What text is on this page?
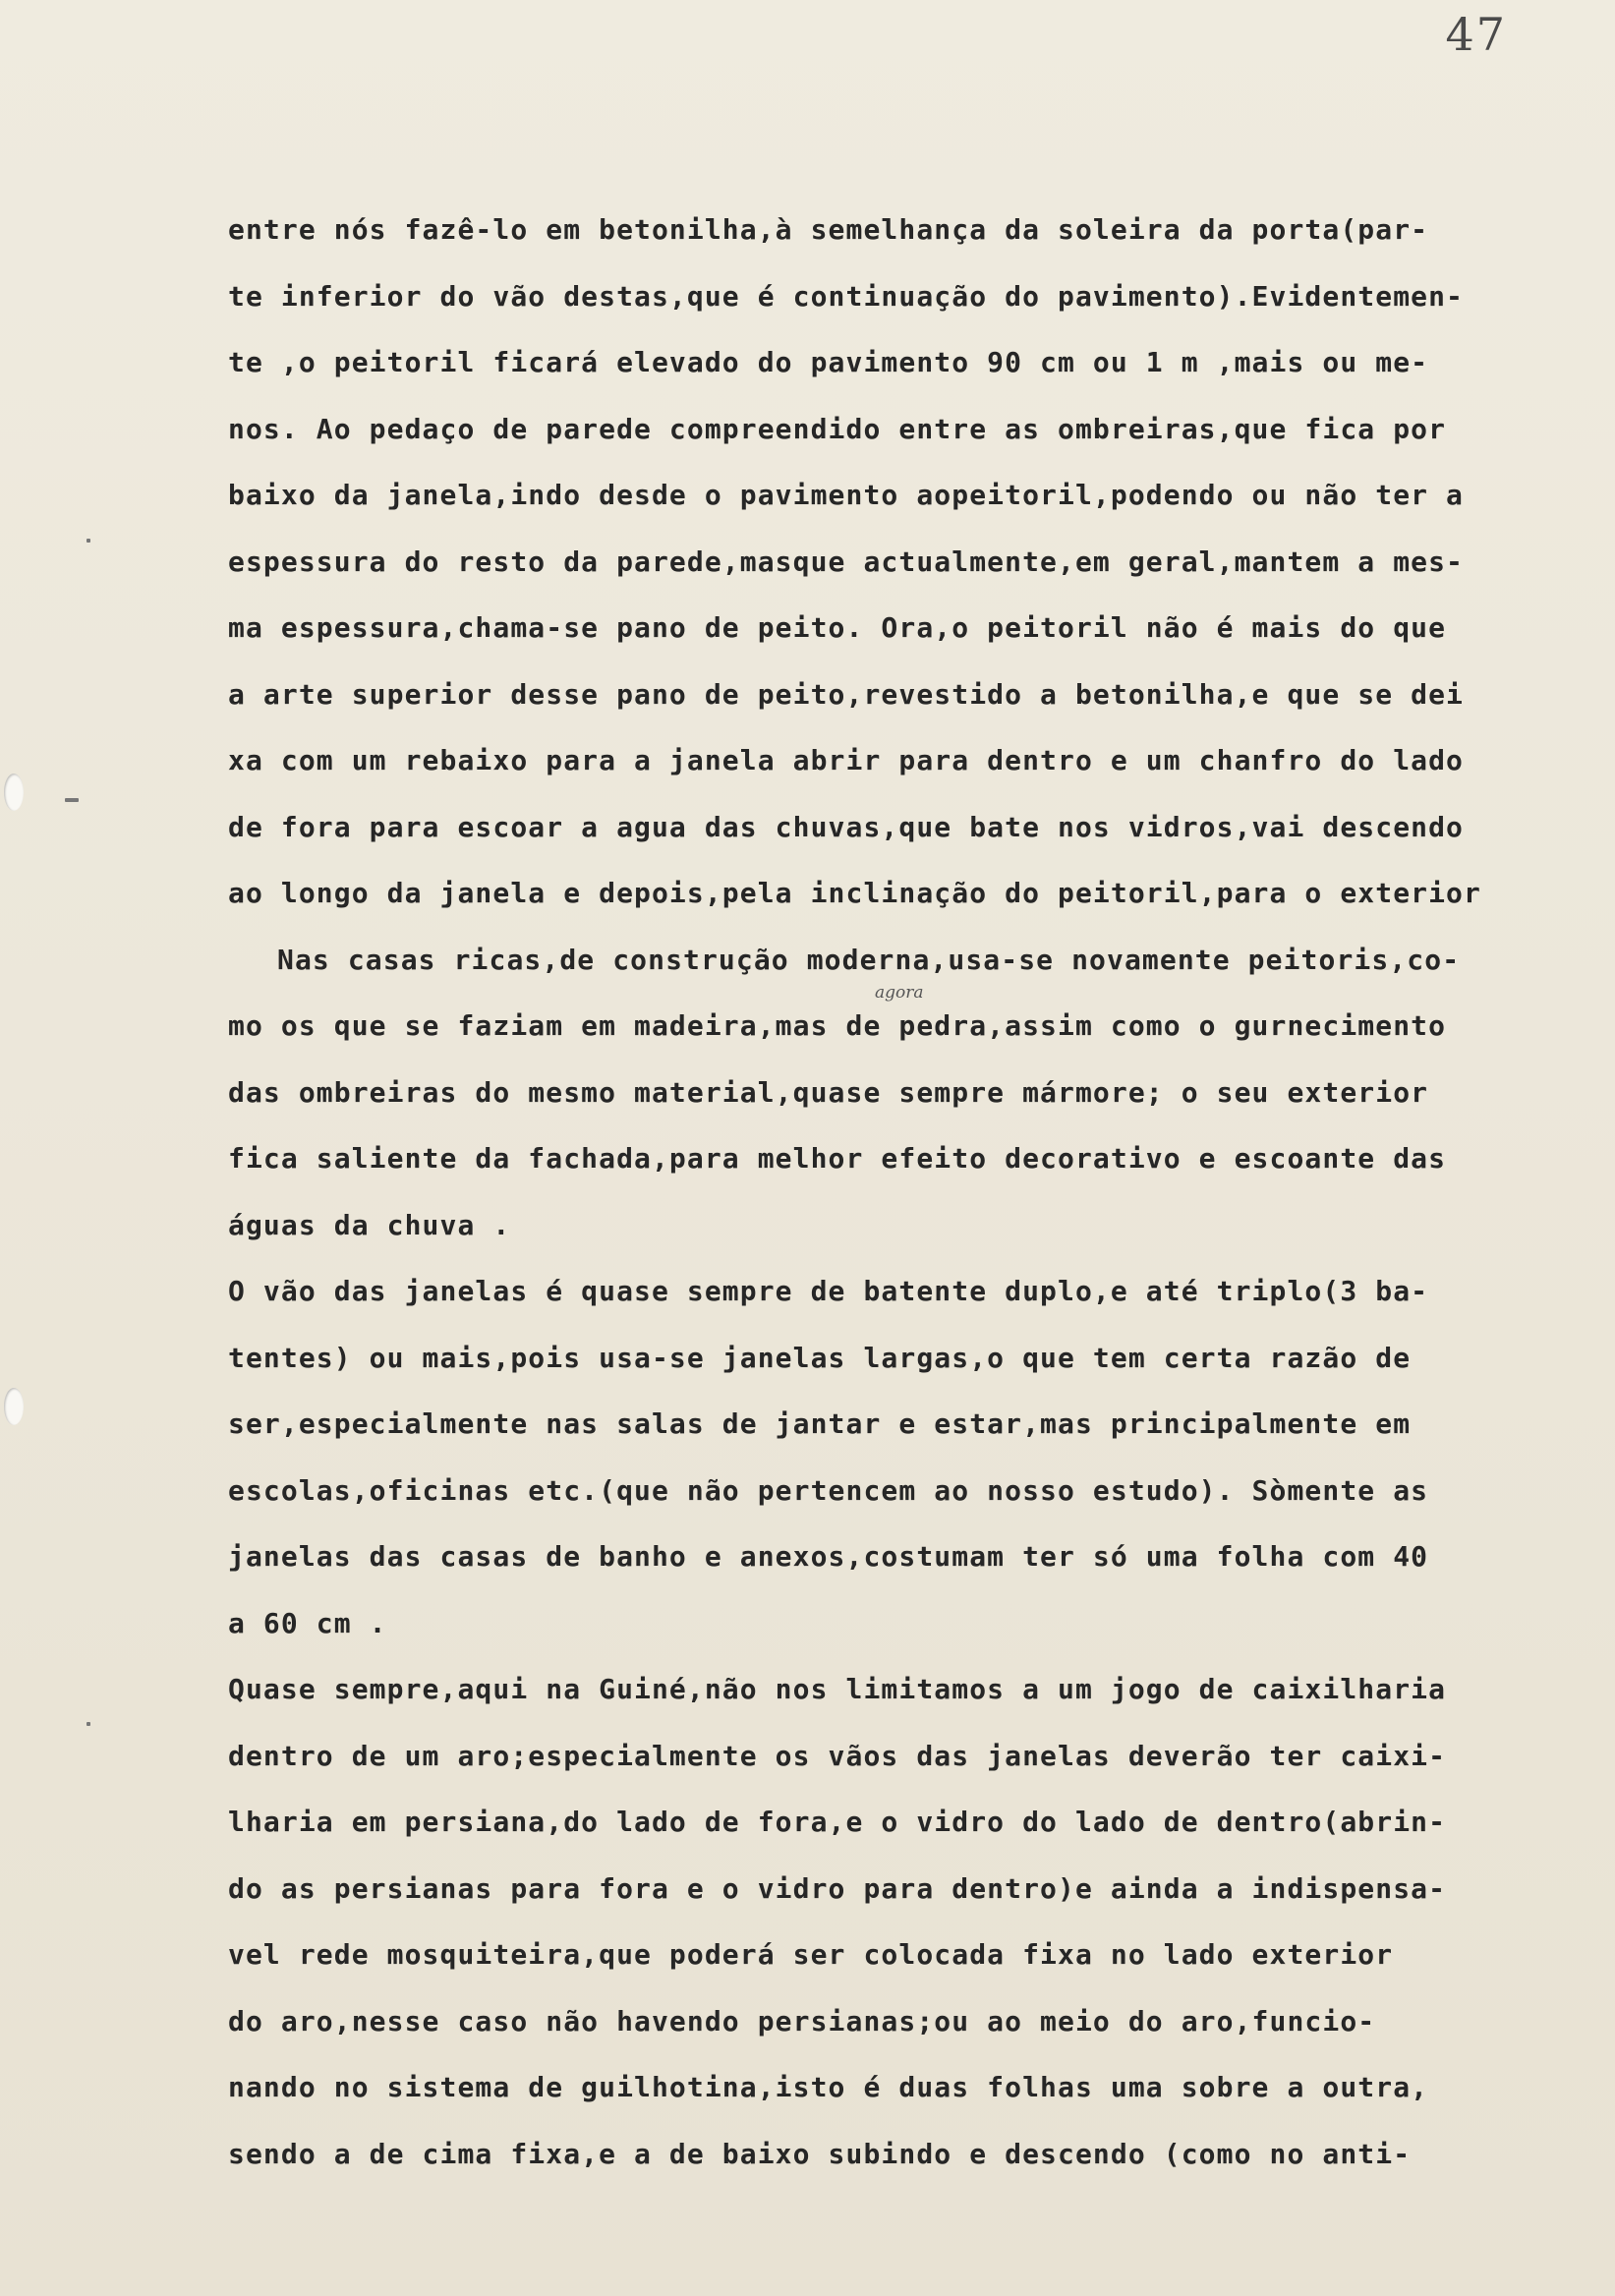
47
agora
entre nós fazê-lo em betonilha,à semelhança da soleira da porta(par-
te inferior do vão destas,que é continuação do pavimento).Evidentemen-
te ,o peitoril ficará elevado do pavimento 90 cm ou 1 m ,mais ou me-
nos. Ao pedaço de parede compreendido entre as ombreiras,que fica por
baixo da janela,indo desde o pavimento aopeitoril,podendo ou não ter a
espessura do resto da parede,masque actualmente,em geral,mantem a mes-
ma espessura,chama-se pano de peito. Ora,o peitoril não é mais do que
a arte superior desse pano de peito,revestido a betonilha,e que se dei
xa com um rebaixo para a janela abrir para dentro e um chanfro do lado
de fora para escoar a agua das chuvas,que bate nos vidros,vai descendo
ao longo da janela e depois,pela inclinação do peitoril,para o exterior
Nas casas ricas,de construção moderna,usa-se novamente peitoris,co-
mo os que se faziam em madeira,mas de pedra,assim como o gurnecimento
das ombreiras do mesmo material,quase sempre mármore; o seu exterior
fica saliente da fachada,para melhor efeito decorativo e escoante das
águas da chuva .
O vão das janelas é quase sempre de batente duplo,e até triplo(3 ba-
tentes) ou mais,pois usa-se janelas largas,o que tem certa razão de
ser,especialmente nas salas de jantar e estar,mas principalmente em
escolas,oficinas etc.(que não pertencem ao nosso estudo). Sòmente as
janelas das casas de banho e anexos,costumam ter só uma folha com 40
a 60 cm .
Quase sempre,aqui na Guiné,não nos limitamos a um jogo de caixilharia
dentro de um aro;especialmente os vãos das janelas deverão ter caixi-
lharia em persiana,do lado de fora,e o vidro do lado de dentro(abrin-
do as persianas para fora e o vidro para dentro)e ainda a indispensa-
vel rede mosquiteira,que poderá ser colocada fixa no lado exterior
do aro,nesse caso não havendo persianas;ou ao meio do aro,funcio-
nando no sistema de guilhotina,isto é duas folhas uma sobre a outra,
sendo a de cima fixa,e a de baixo subindo e descendo (como no anti-
